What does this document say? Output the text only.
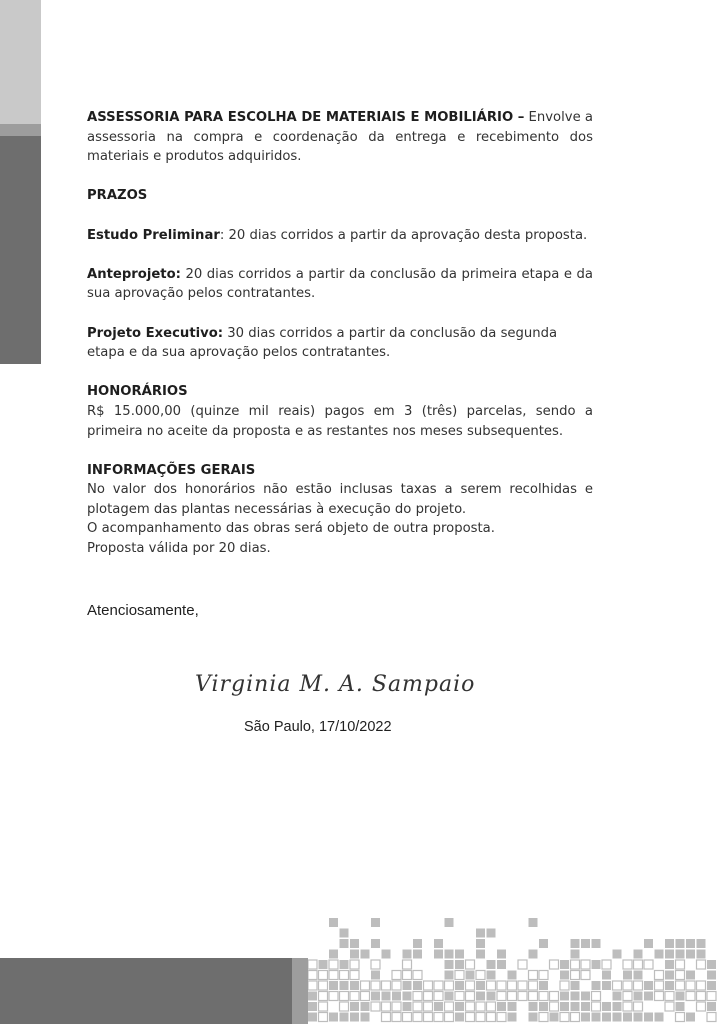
ASSESSORIA PARA ESCOLHA DE MATERIAIS E MOBILIÁRIO – Envolve a assessoria na compra e coordenação da entrega e recebimento dos materiais e produtos adquiridos.

PRAZOS

Estudo Preliminar: 20 dias corridos a partir da aprovação desta proposta.

Anteprojeto: 20 dias corridos a partir da conclusão da primeira etapa e da sua aprovação pelos contratantes.

Projeto Executivo: 30 dias corridos a partir da conclusão da segunda etapa e da sua aprovação pelos contratantes.

HONORÁRIOS
R$ 15.000,00 (quinze mil reais) pagos em 3 (três) parcelas, sendo a primeira no aceite da proposta e as restantes nos meses subsequentes.

INFORMAÇÕES GERAIS
No valor dos honorários não estão inclusas taxas a serem recolhidas e plotagem das plantas necessárias à execução do projeto.
O acompanhamento das obras será objeto de outra proposta.
Proposta válida por 20 dias.
Atenciosamente,
Virginia M. A. Sampaio
São Paulo, 17/10/2022
